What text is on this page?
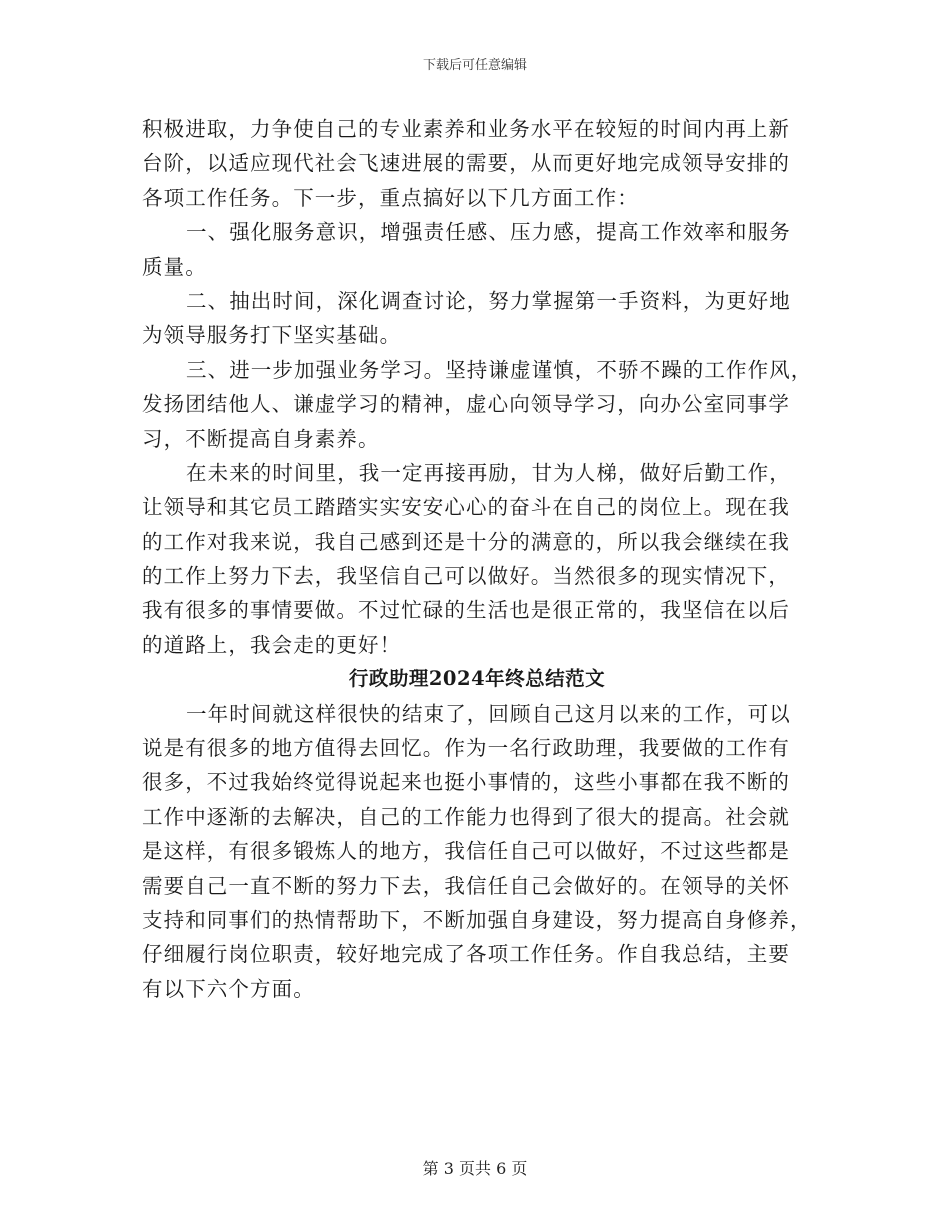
下载后可任意编辑
积极进取，力争使自己的专业素养和业务水平在较短的时间内再上新
台阶，以适应现代社会飞速进展的需要，从而更好地完成领导安排的
各项工作任务。下一步，重点搞好以下几方面工作：
一、强化服务意识，增强责任感、压力感，提高工作效率和服务
质量。
二、抽出时间，深化调查讨论，努力掌握第一手资料，为更好地
为领导服务打下坚实基础。
三、进一步加强业务学习。坚持谦虚谨慎，不骄不躁的工作作风，
发扬团结他人、谦虚学习的精神，虚心向领导学习，向办公室同事学
习，不断提高自身素养。
在未来的时间里，我一定再接再励，甘为人梯，做好后勤工作，
让领导和其它员工踏踏实实安安心心的奋斗在自己的岗位上。现在我
的工作对我来说，我自己感到还是十分的满意的，所以我会继续在我
的工作上努力下去，我坚信自己可以做好。当然很多的现实情况下，
我有很多的事情要做。不过忙碌的生活也是很正常的，我坚信在以后
的道路上，我会走的更好！
行政助理2024年终总结范文
一年时间就这样很快的结束了，回顾自己这月以来的工作，可以
说是有很多的地方值得去回忆。作为一名行政助理，我要做的工作有
很多，不过我始终觉得说起来也挺小事情的，这些小事都在我不断的
工作中逐渐的去解决，自己的工作能力也得到了很大的提高。社会就
是这样，有很多锻炼人的地方，我信任自己可以做好，不过这些都是
需要自己一直不断的努力下去，我信任自己会做好的。在领导的关怀
支持和同事们的热情帮助下，不断加强自身建设，努力提高自身修养，
仔细履行岗位职责，较好地完成了各项工作任务。作自我总结，主要
有以下六个方面。
第 3 页共 6 页
